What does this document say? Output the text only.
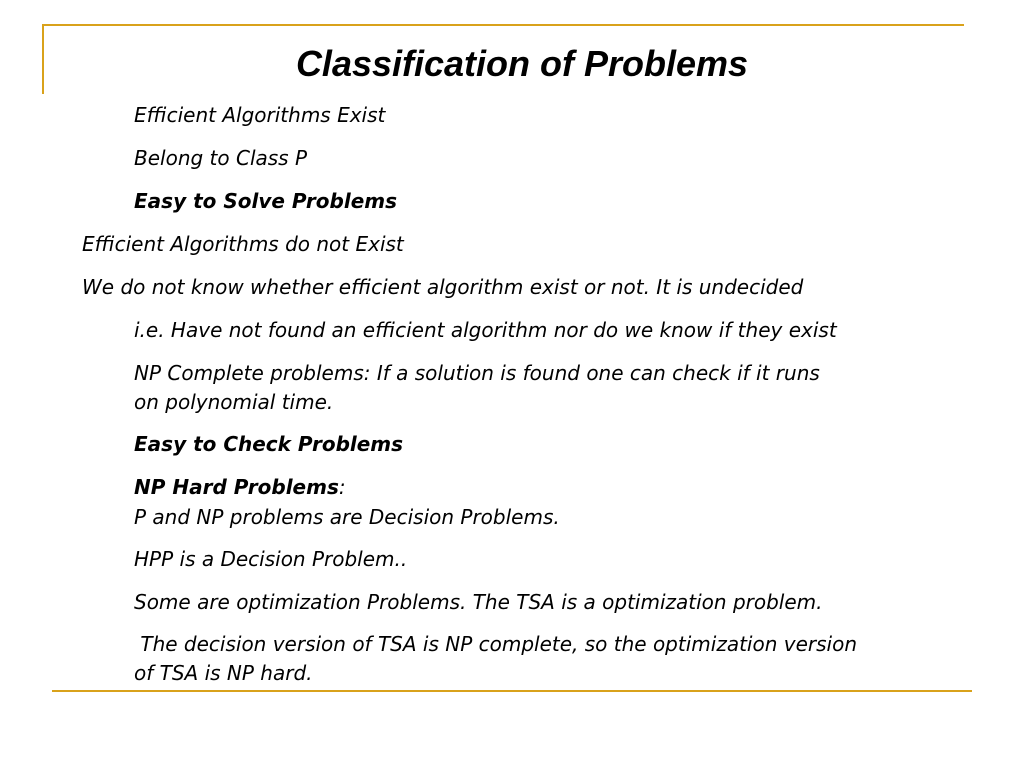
Classification of Problems
Efficient Algorithms Exist
Belong to Class P
Easy to Solve Problems
Efficient Algorithms do not Exist
We do not know whether efficient algorithm exist or not. It is undecided
i.e. Have not found an efficient algorithm nor do we know if they exist
NP Complete problems: If a solution is found one can check if it runs
on polynomial time.
Easy to Check Problems
NP Hard Problems:
P and NP problems are Decision Problems.
HPP is a Decision Problem..
Some are optimization Problems. The TSA is a optimization problem.
The decision version of TSA is NP complete, so the optimization version
of TSA is NP hard.
